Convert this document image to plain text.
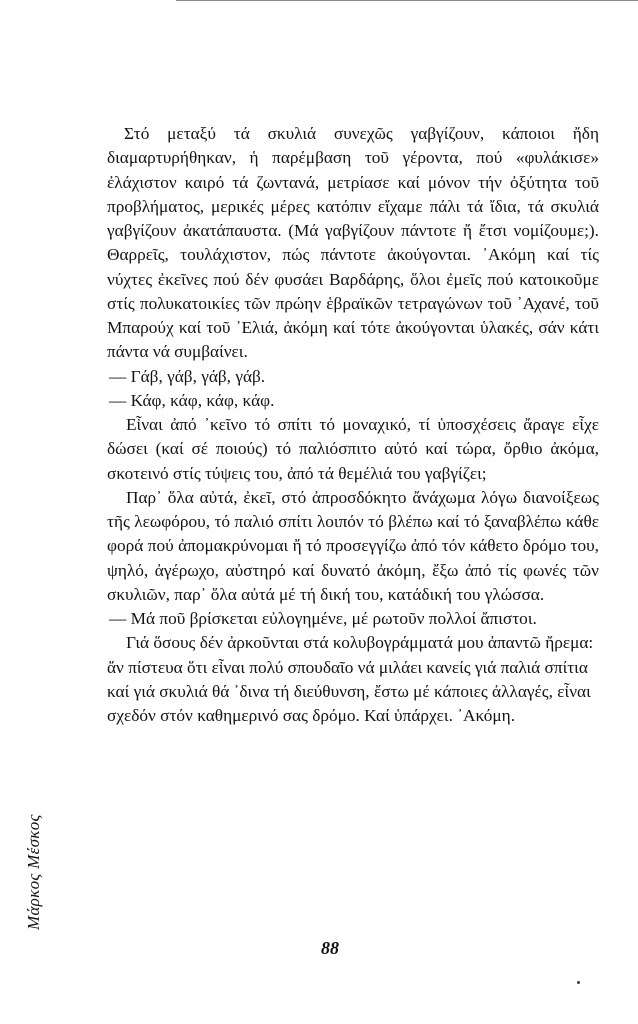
Στό μεταξύ τά σκυλιά συνεχῶς γαβγίζουν, κάποιοι ἤδη διαμαρτυρήθηκαν, ἡ παρέμβαση τοῦ γέροντα, πού «φυλάκισε» ἐλάχιστον καιρό τά ζωντανά, μετρίασε καί μόνον τήν ὀξύτητα τοῦ προβλήματος, μερικές μέρες κατόπιν εἴχαμε πάλι τά ἴδια, τά σκυλιά γαβγίζουν ἀκατάπαυστα. (Μά γαβγίζουν πάντοτε ἤ ἔτσι νομίζουμε;). Θαρρεῖς, τουλάχιστον, πώς πάντοτε ἀκούγονται. ᾿Ακόμη καί τίς νύχτες ἐκεῖνες πού δέν φυσάει Βαρδάρης, ὅλοι ἐμεῖς πού κατοικοῦμε στίς πολυκατοικίες τῶν πρώην ἑβραϊκῶν τετραγώνων τοῦ ᾿Αχανέ, τοῦ Μπαρούχ καί τοῦ ᾿Ελιά, ἀκόμη καί τότε ἀκούγονται ὑλακές, σάν κάτι πάντα νά συμβαίνει.

— Γάβ, γάβ, γάβ, γάβ.

— Κάφ, κάφ, κάφ, κάφ.

Εἶναι ἀπό ᾿κεῖνο τό σπίτι τό μοναχικό, τί ὑποσχέσεις ἄραγε εἶχε δώσει (καί σέ ποιούς) τό παλιόσπιτο αὐτό καί τώρα, ὄρθιο ἀκόμα, σκοτεινό στίς τύψεις του, ἀπό τά θεμέλιά του γαβγίζει;

Παρ᾿ ὅλα αὐτά, ἐκεῖ, στό ἀπροσδόκητο ἄνάχωμα λόγω διανοίξεως τῆς λεωφόρου, τό παλιό σπίτι λοιπόν τό βλέπω καί τό ξαναβλέπω κάθε φορά πού ἀπομακρύνομαι ἤ τό προσεγγίζω ἀπό τόν κάθετο δρόμο του, ψηλό, ἀγέρωχο, αὐστηρό καί δυνατό ἀκόμη, ἔξω ἀπό τίς φωνές τῶν σκυλιῶν, παρ᾿ ὅλα αὐτά μέ τή δική του, κατάδική του γλώσσα.

— Μά ποῦ βρίσκεται εὐλογημένε, μέ ρωτοῦν πολλοί ἄπιστοι.

Γιά ὅσους δέν ἀρκοῦνται στά κολυβογράμματά μου ἀπαντῶ ἤρεμα: ἄν πίστευα ὅτι εἶναι πολύ σπουδαῖο νά μιλάει κανείς γιά παλιά σπίτια καί γιά σκυλιά θά ᾿δινα τή διεύθυνση, ἔστω μέ κάποιες ἀλλαγές, εἶναι σχεδόν στόν καθημερινό σας δρόμο. Καί ὑπάρχει. ᾿Ακόμη.

Μάρκος Μέσκος
88
